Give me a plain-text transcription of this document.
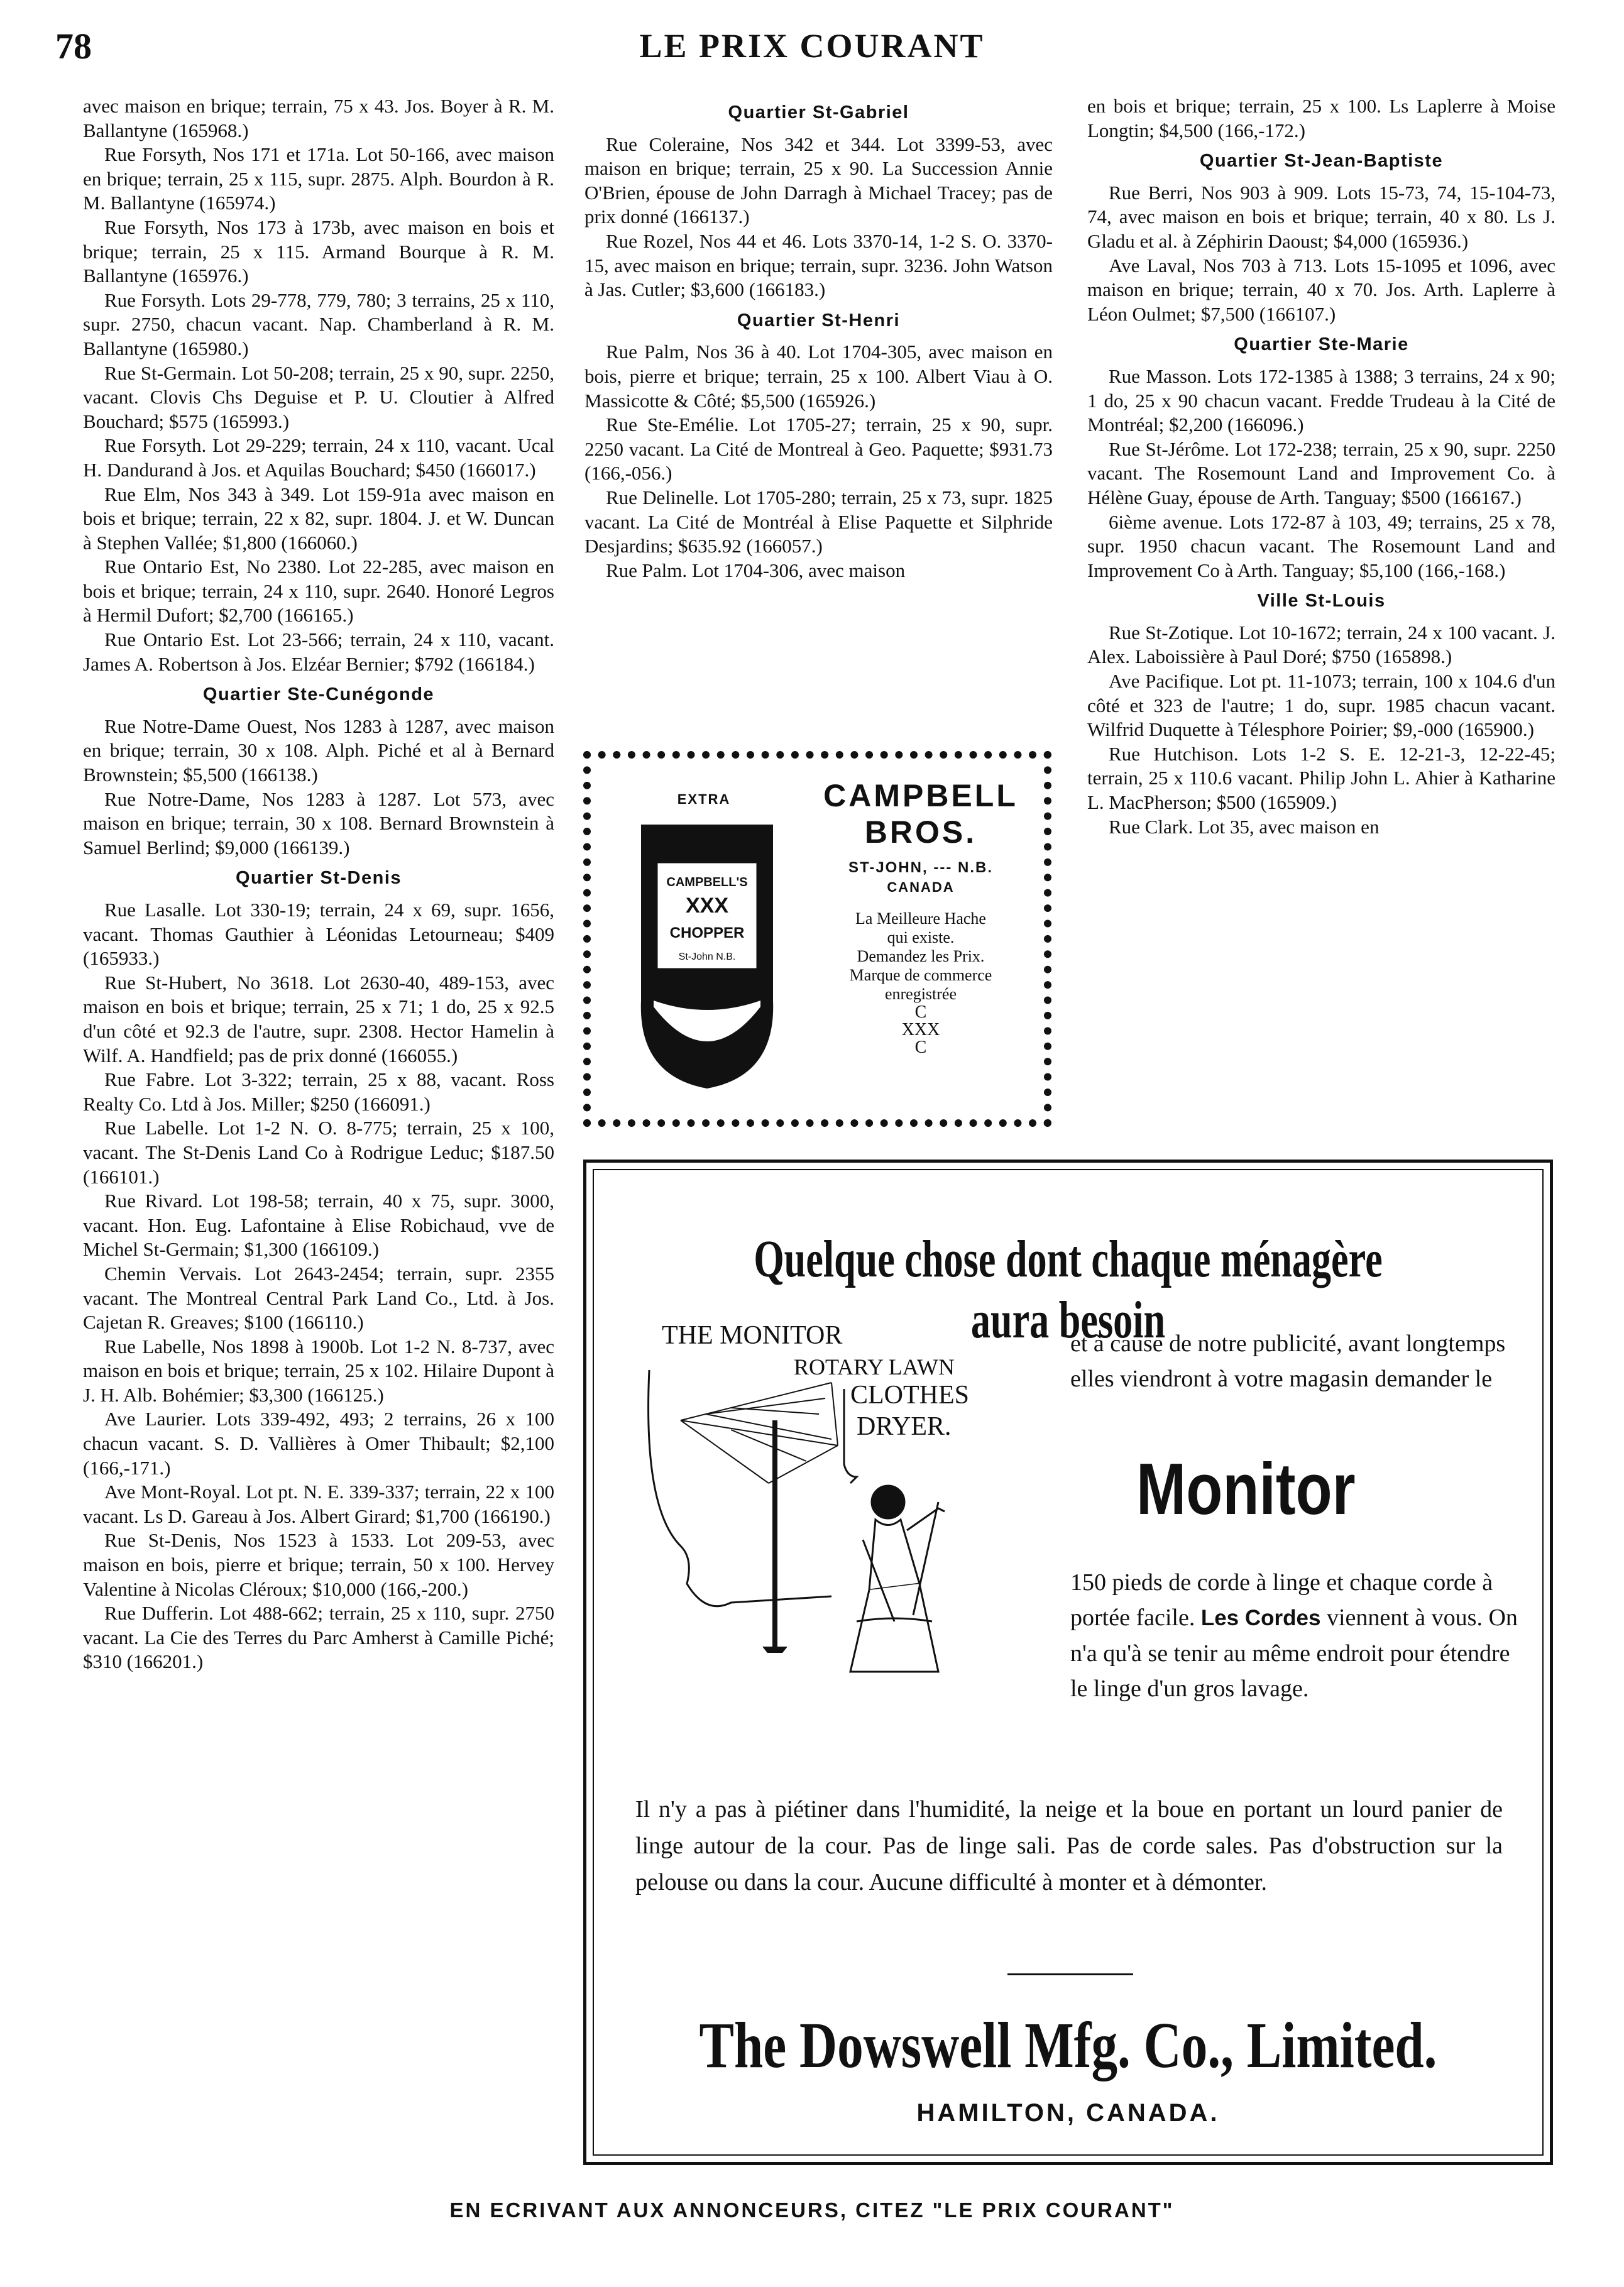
78	LE PRIX COURANT

avec maison en brique; terrain, 75 x 43. Jos. Boyer à R. M. Ballantyne (165968.)

Rue Forsyth, Nos 171 et 171a. Lot 50-166, avec maison en brique; terrain, 25 x 115, supr. 2875. Alph. Bourdon à R. M. Ballantyne (165974.)

Rue Forsyth, Nos 173 à 173b, avec maison en bois et brique; terrain, 25 x 115. Armand Bourque à R. M. Ballantyne (165976.)

Rue Forsyth. Lots 29-778, 779, 780; 3 terrains, 25 x 110, supr. 2750, chacun vacant. Nap. Chamberland à R. M. Ballantyne (165980.)

Rue St-Germain. Lot 50-208; terrain, 25 x 90, supr. 2250, vacant. Clovis Chs Deguise et P. U. Cloutier à Alfred Bouchard; $575 (165993.)

Rue Forsyth. Lot 29-229; terrain, 24 x 110, vacant. Ucal H. Dandurand à Jos. et Aquilas Bouchard; $450 (166017.)

Rue Elm, Nos 343 à 349. Lot 159-91a avec maison en bois et brique; terrain, 22 x 82, supr. 1804. J. et W. Duncan à Stephen Vallée; $1,800 (166060.)

Rue Ontario Est, No 2380. Lot 22-285, avec maison en bois et brique; terrain, 24 x 110, supr. 2640. Honoré Legros à Hermil Dufort; $2,700 (166165.)

Rue Ontario Est. Lot 23-566; terrain, 24 x 110, vacant. James A. Robertson à Jos. Elzéar Bernier; $792 (166184.)

Quartier Ste-Cunégonde

Rue Notre-Dame Ouest, Nos 1283 à 1287, avec maison en brique; terrain, 30 x 108. Alph. Piché et al à Bernard Brownstein; $5,500 (166138.)

Rue Notre-Dame, Nos 1283 à 1287. Lot 573, avec maison en brique; terrain, 30 x 108. Bernard Brownstein à Samuel Berlind; $9,000 (166139.)

Quartier St-Denis

Rue Lasalle. Lot 330-19; terrain, 24 x 69, supr. 1656, vacant. Thomas Gauthier à Léonidas Letourneau; $409 (165933.)

Rue St-Hubert, No 3618. Lot 2630-40, 489-153, avec maison en bois et brique; terrain, 25 x 71; 1 do, 25 x 92.5 d'un côté et 92.3 de l'autre, supr. 2308. Hector Hamelin à Wilf. A. Handfield; pas de prix donné (166055.)

Rue Fabre. Lot 3-322; terrain, 25 x 88, vacant. Ross Realty Co. Ltd à Jos. Miller; $250 (166091.)

Rue Labelle. Lot 1-2 N. O. 8-775; terrain, 25 x 100, vacant. The St-Denis Land Co à Rodrigue Leduc; $187.50 (166101.)

Rue Rivard. Lot 198-58; terrain, 40 x 75, supr. 3000, vacant. Hon. Eug. Lafontaine à Elise Robichaud, vve de Michel St-Germain; $1,300 (166109.)

Chemin Vervais. Lot 2643-2454; terrain, supr. 2355 vacant. The Montreal Central Park Land Co., Ltd. à Jos. Cajetan R. Greaves; $100 (166110.)

Rue Labelle, Nos 1898 à 1900b. Lot 1-2 N. 8-737, avec maison en bois et brique; terrain, 25 x 102. Hilaire Dupont à J. H. Alb. Bohémier; $3,300 (166125.)

Ave Laurier. Lots 339-492, 493; 2 terrains, 26 x 100 chacun vacant. S. D. Vallières à Omer Thibault; $2,100 (166,-171.)

Ave Mont-Royal. Lot pt. N. E. 339-337; terrain, 22 x 100 vacant. Ls D. Gareau à Jos. Albert Girard; $1,700 (166190.)

Rue St-Denis, Nos 1523 à 1533. Lot 209-53, avec maison en bois, pierre et brique; terrain, 50 x 100. Hervey Valentine à Nicolas Cléroux; $10,000 (166,-200.)

Rue Dufferin. Lot 488-662; terrain, 25 x 110, supr. 2750 vacant. La Cie des Terres du Parc Amherst à Camille Piché; $310 (166201.)

Quartier St-Gabriel

Rue Coleraine, Nos 342 et 344. Lot 3399-53, avec maison en brique; terrain, 25 x 90. La Succession Annie O'Brien, épouse de John Darragh à Michael Tracey; pas de prix donné (166137.)

Rue Rozel, Nos 44 et 46. Lots 3370-14, 1-2 S. O. 3370-15, avec maison en brique; terrain, supr. 3236. John Watson à Jas. Cutler; $3,600 (166183.)

Quartier St-Henri

Rue Palm, Nos 36 à 40. Lot 1704-305, avec maison en bois, pierre et brique; terrain, 25 x 100. Albert Viau à O. Massicotte & Côté; $5,500 (165926.)

Rue Ste-Emélie. Lot 1705-27; terrain, 25 x 90, supr. 2250 vacant. La Cité de Montreal à Geo. Paquette; $931.73 (166,-056.)

Rue Delinelle. Lot 1705-280; terrain, 25 x 73, supr. 1825 vacant. La Cité de Montréal à Elise Paquette et Silphride Desjardins; $635.92 (166057.)

Rue Palm. Lot 1704-306, avec maison

en bois et brique; terrain, 25 x 100. Ls Laplerre à Moise Longtin; $4,500 (166,-172.)

Quartier St-Jean-Baptiste

Rue Berri, Nos 903 à 909. Lots 15-73, 74, 15-104-73, 74, avec maison en bois et brique; terrain, 40 x 80. Ls J. Gladu et al. à Zéphirin Daoust; $4,000 (165936.)

Ave Laval, Nos 703 à 713. Lots 15-1095 et 1096, avec maison en brique; terrain, 40 x 70. Jos. Arth. Laplerre à Léon Oulmet; $7,500 (166107.)

Quartier Ste-Marie

Rue Masson. Lots 172-1385 à 1388; 3 terrains, 24 x 90; 1 do, 25 x 90 chacun vacant. Fredde Trudeau à la Cité de Montréal; $2,200 (166096.)

Rue St-Jérôme. Lot 172-238; terrain, 25 x 90, supr. 2250 vacant. The Rosemount Land and Improvement Co. à Hélène Guay, épouse de Arth. Tanguay; $500 (166167.)

6ième avenue. Lots 172-87 à 103, 49; terrains, 25 x 78, supr. 1950 chacun vacant. The Rosemount Land and Improvement Co à Arth. Tanguay; $5,100 (166,-168.)

Ville St-Louis

Rue St-Zotique. Lot 10-1672; terrain, 24 x 100 vacant. J. Alex. Laboissière à Paul Doré; $750 (165898.)

Ave Pacifique. Lot pt. 11-1073; terrain, 100 x 104.6 d'un côté et 323 de l'autre; 1 do, supr. 1985 chacun vacant. Wilfrid Duquette à Télesphore Poirier; $9,-000 (165900.)

Rue Hutchison. Lots 1-2 S. E. 12-21-3, 12-22-45; terrain, 25 x 110.6 vacant. Philip John L. Ahier à Katharine L. MacPherson; $500 (165909.)

Rue Clark. Lot 35, avec maison en

EXTRA
CAMPBELL'S
XXX
CHOPPER
St-John N.B.
CAMPBELL
BROS.
ST-JOHN, --- N.B.
CANADA
La Meilleure Hache
qui existe.
Demandez les Prix.
Marque de commerce
enregistrée
C
XXX
C
Quelque chose dont chaque ménagère aura besoin
THE MONITOR
ROTARY LAWN
CLOTHES
DRYER.
et à cause de notre publicité, avant longtemps elles viendront à votre magasin demander le
Monitor
150 pieds de corde à linge et chaque corde à portée facile. Les Cordes viennent à vous. On n'a qu'à se tenir au même endroit pour étendre le linge d'un gros lavage.
Il n'y a pas à piétiner dans l'humidité, la neige et la boue en portant un lourd panier de linge autour de la cour. Pas de linge sali. Pas de corde sales. Pas d'obstruction sur la pelouse ou dans la cour. Aucune difficulté à monter et à démonter.
The Dowswell Mfg. Co., Limited.
HAMILTON, CANADA.
EN ECRIVANT AUX ANNONCEURS, CITEZ "LE PRIX COURANT"
